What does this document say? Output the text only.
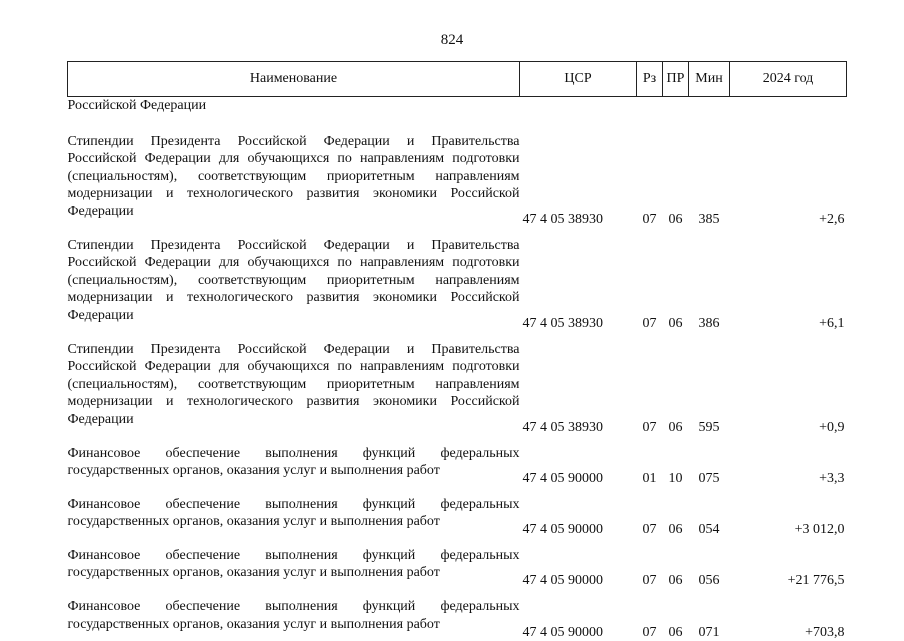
824
Наименование	ЦСР	Рз	ПР	Мин	2024 год
Российской Федерации					
Стипендии Президента Российской Федерации и Правительства Российской Федерации для обучающихся по направлениям подготовки (специальностям), соответствующим приоритетным направлениям модернизации и технологического развития экономики Российской Федерации	47 4 05 38930	07	06	385	+2,6
Стипендии Президента Российской Федерации и Правительства Российской Федерации для обучающихся по направлениям подготовки (специальностям), соответствующим приоритетным направлениям модернизации и технологического развития экономики Российской Федерации	47 4 05 38930	07	06	386	+6,1
Стипендии Президента Российской Федерации и Правительства Российской Федерации для обучающихся по направлениям подготовки (специальностям), соответствующим приоритетным направлениям модернизации и технологического развития экономики Российской Федерации	47 4 05 38930	07	06	595	+0,9
Финансовое обеспечение выполнения функций федеральных государственных органов, оказания услуг и выполнения работ	47 4 05 90000	01	10	075	+3,3
Финансовое обеспечение выполнения функций федеральных государственных органов, оказания услуг и выполнения работ	47 4 05 90000	07	06	054	+3 012,0
Финансовое обеспечение выполнения функций федеральных государственных органов, оказания услуг и выполнения работ	47 4 05 90000	07	06	056	+21 776,5
Финансовое обеспечение выполнения функций федеральных государственных органов, оказания услуг и выполнения работ	47 4 05 90000	07	06	071	+703,8
